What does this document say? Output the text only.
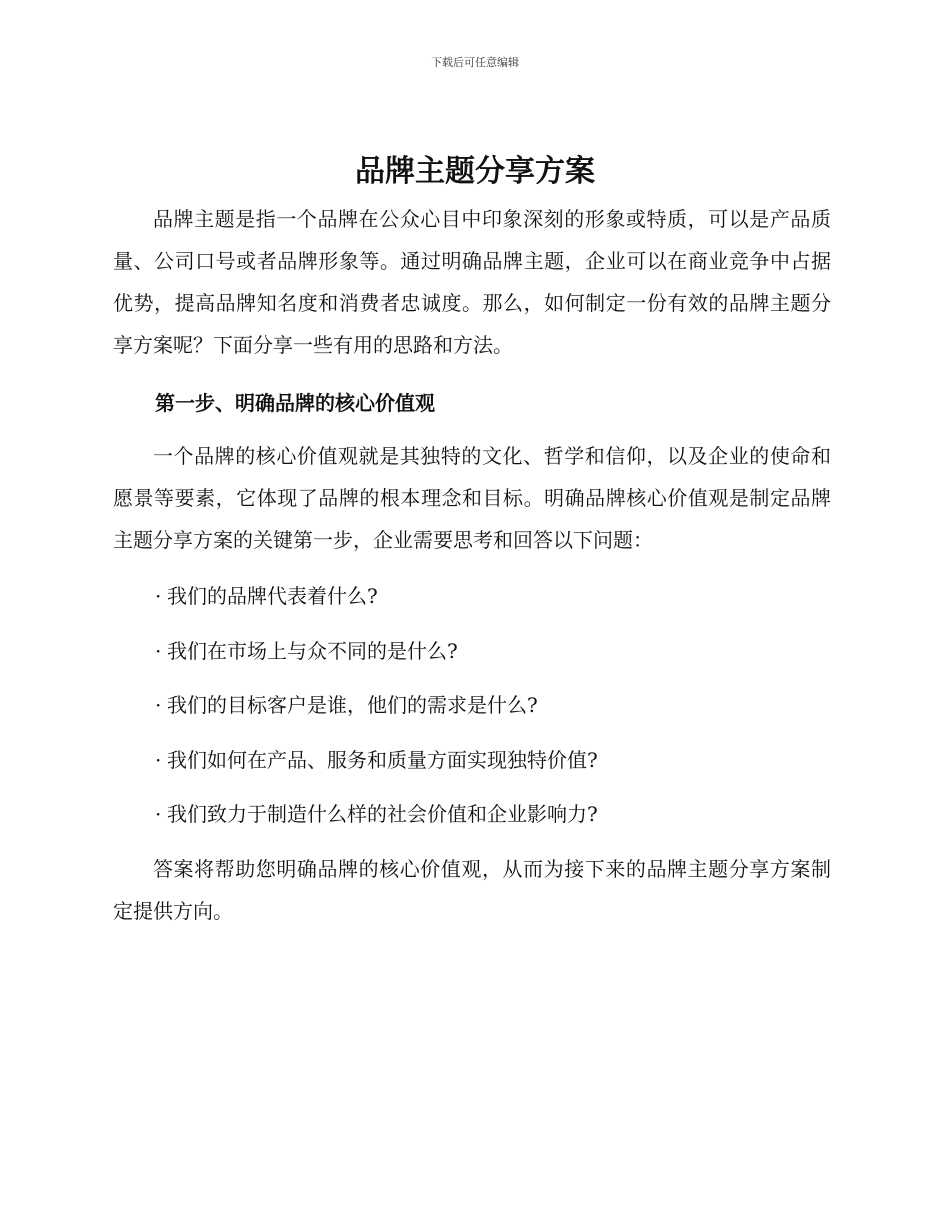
下载后可任意编辑
品牌主题分享方案

品牌主题是指一个品牌在公众心目中印象深刻的形象或特质，可以是产品质量、公司口号或者品牌形象等。通过明确品牌主题，企业可以在商业竞争中占据优势，提高品牌知名度和消费者忠诚度。那么，如何制定一份有效的品牌主题分享方案呢？下面分享一些有用的思路和方法。

第一步、明确品牌的核心价值观

一个品牌的核心价值观就是其独特的文化、哲学和信仰，以及企业的使命和愿景等要素，它体现了品牌的根本理念和目标。明确品牌核心价值观是制定品牌主题分享方案的关键第一步，企业需要思考和回答以下问题：

· 我们的品牌代表着什么?
· 我们在市场上与众不同的是什么?
· 我们的目标客户是谁，他们的需求是什么?
· 我们如何在产品、服务和质量方面实现独特价值?
· 我们致力于制造什么样的社会价值和企业影响力?

答案将帮助您明确品牌的核心价值观，从而为接下来的品牌主题分享方案制定提供方向。
